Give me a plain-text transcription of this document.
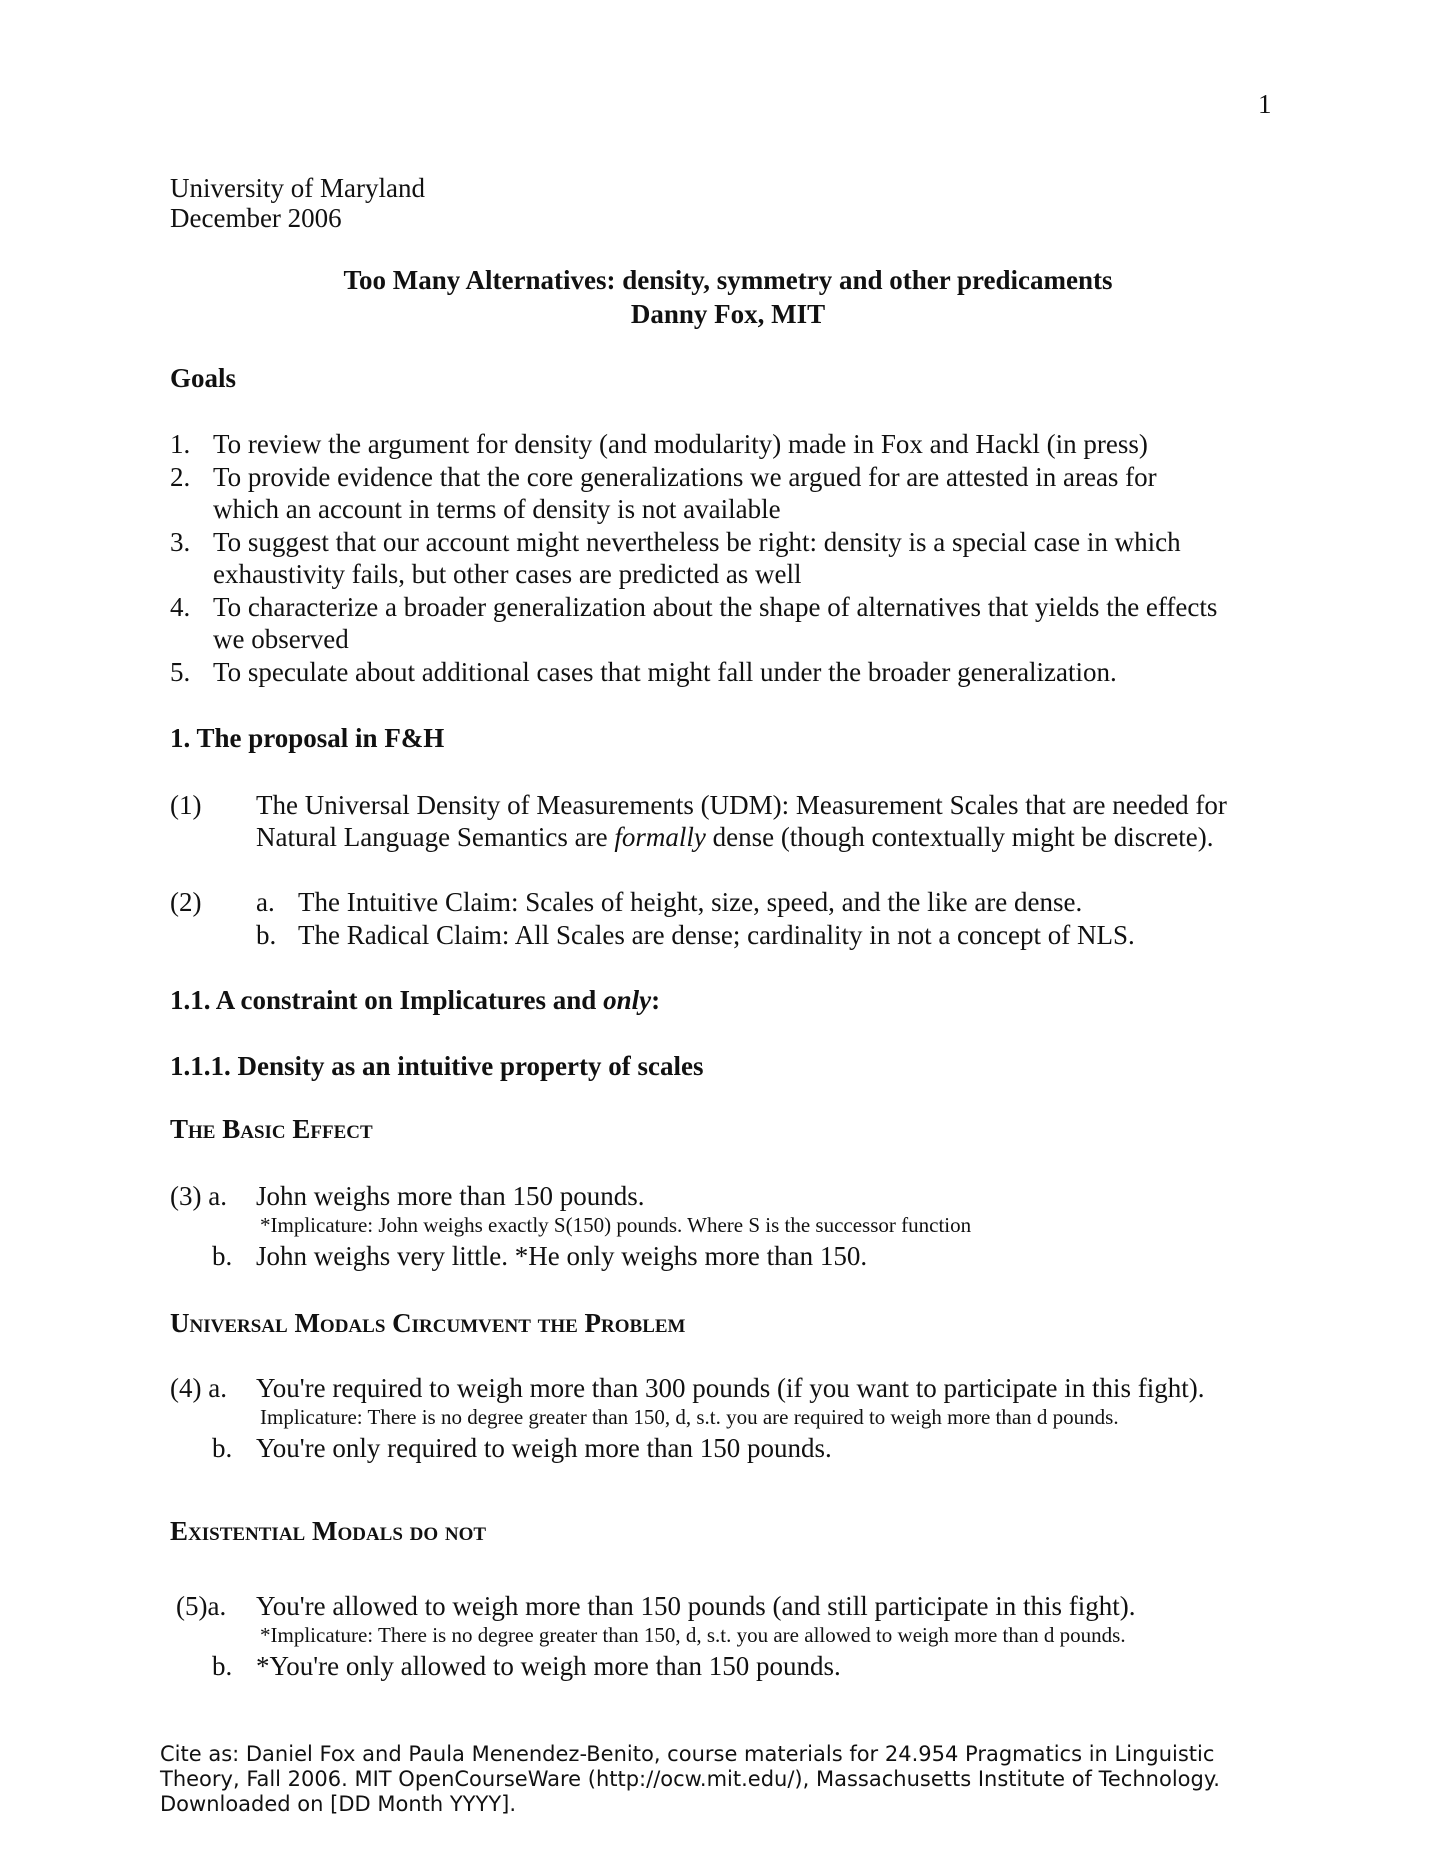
1
University of Maryland
December 2006
Too Many Alternatives: density, symmetry and other predicaments
Danny Fox, MIT
Goals
1. To review the argument for density (and modularity) made in Fox and Hackl (in press)
2. To provide evidence that the core generalizations we argued for are attested in areas for
which an account in terms of density is not available
3. To suggest that our account might nevertheless be right: density is a special case in which
exhaustivity fails, but other cases are predicted as well
4. To characterize a broader generalization about the shape of alternatives that yields the effects
we observed
5. To speculate about additional cases that might fall under the broader generalization.
1. The proposal in F&H
(1) The Universal Density of Measurements (UDM): Measurement Scales that are needed for
Natural Language Semantics are formally dense (though contextually might be discrete).
(2) a. The Intuitive Claim: Scales of height, size, speed, and the like are dense.
b. The Radical Claim: All Scales are dense; cardinality in not a concept of NLS.
1.1. A constraint on Implicatures and only:
1.1.1. Density as an intuitive property of scales
The Basic Effect
(3) a. John weighs more than 150 pounds.
*Implicature: John weighs exactly S(150) pounds. Where S is the successor function
b. John weighs very little. *He only weighs more than 150.
Universal Modals Circumvent the Problem
(4) a. You're required to weigh more than 300 pounds (if you want to participate in this fight).
Implicature: There is no degree greater than 150, d, s.t. you are required to weigh more than d pounds.
b. You're only required to weigh more than 150 pounds.
Existential Modals do not
(5)a. You're allowed to weigh more than 150 pounds (and still participate in this fight).
*Implicature: There is no degree greater than 150, d, s.t. you are allowed to weigh more than d pounds.
b. *You're only allowed to weigh more than 150 pounds.
Cite as: Daniel Fox and Paula Menendez-Benito, course materials for 24.954 Pragmatics in Linguistic
Theory, Fall 2006. MIT OpenCourseWare (http://ocw.mit.edu/), Massachusetts Institute of Technology.
Downloaded on [DD Month YYYY].
